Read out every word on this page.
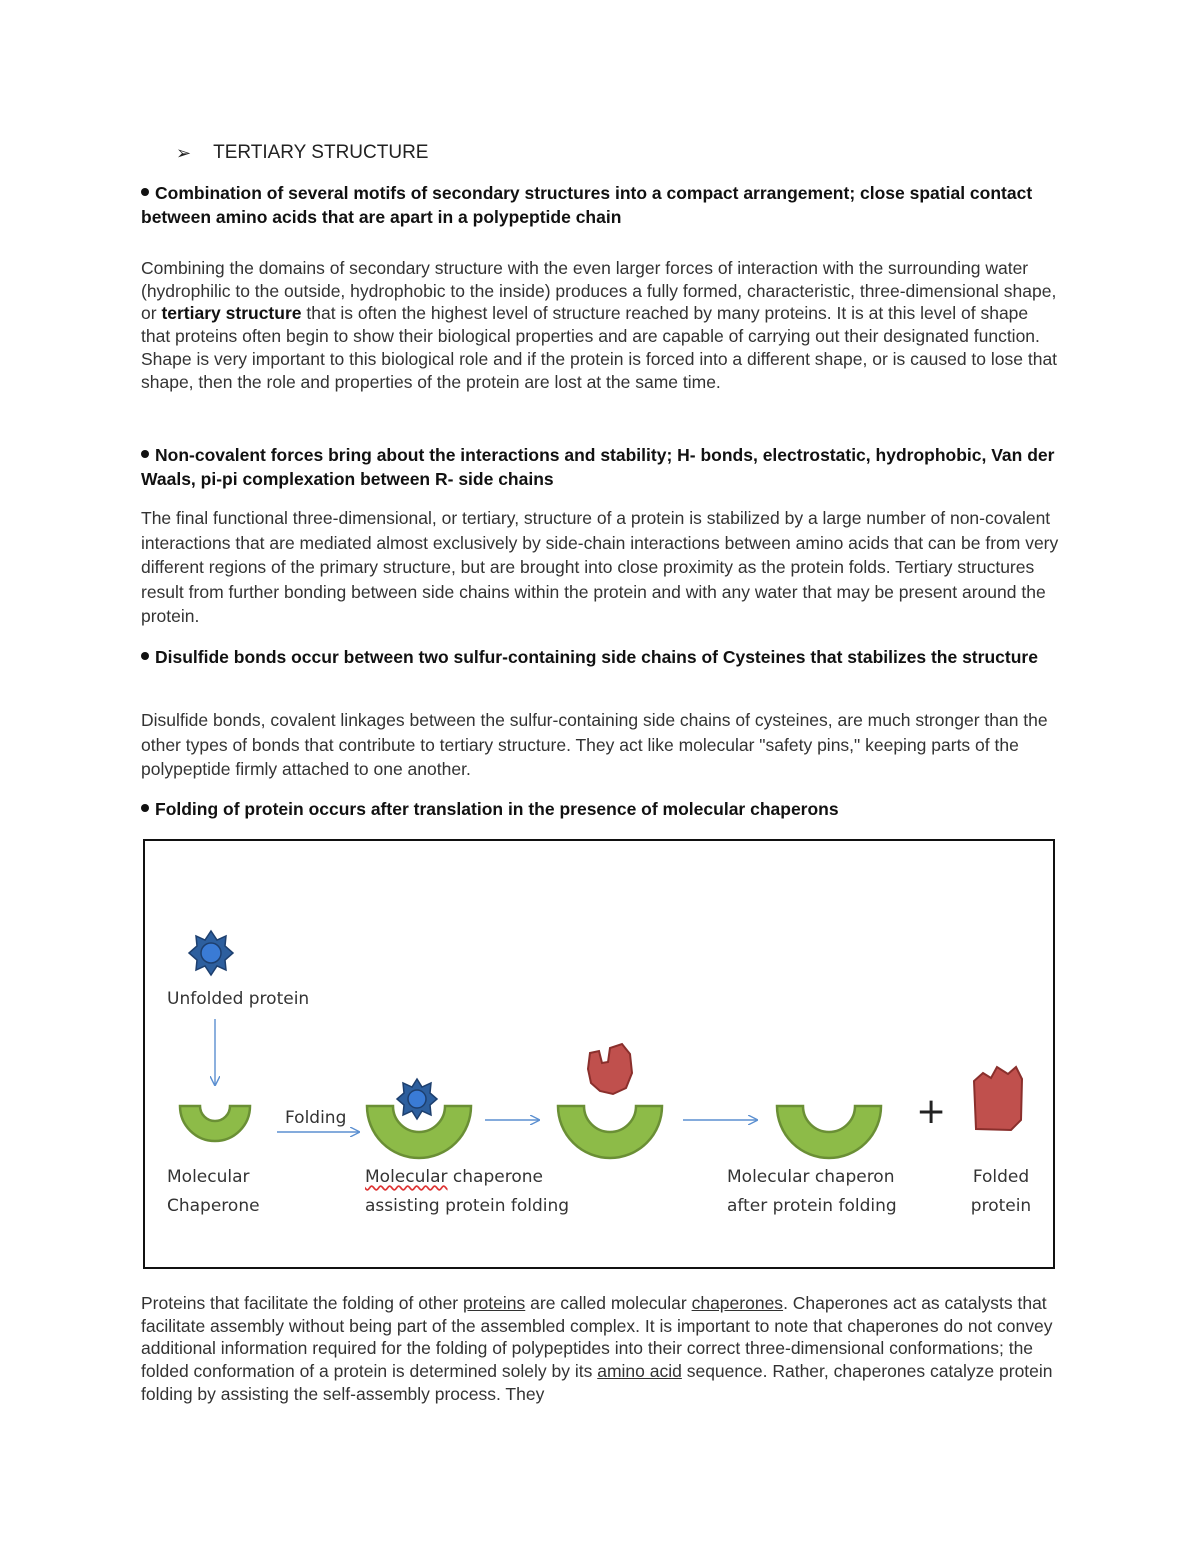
➢ TERTIARY STRUCTURE
Combination of several motifs of secondary structures into a compact arrangement; close spatial contact between amino acids that are apart in a polypeptide chain

Combining the domains of secondary structure with the even larger forces of interaction with the surrounding water (hydrophilic to the outside, hydrophobic to the inside) produces a fully formed, characteristic, three-dimensional shape, or tertiary structure that is often the highest level of structure reached by many proteins. It is at this level of shape that proteins often begin to show their biological properties and are capable of carrying out their designated function. Shape is very important to this biological role and if the protein is forced into a different shape, or is caused to lose that shape, then the role and properties of the protein are lost at the same time.

Non-covalent forces bring about the interactions and stability; H- bonds, electrostatic, hydrophobic, Van der Waals, pi-pi complexation between R- side chains

The final functional three-dimensional, or tertiary, structure of a protein is stabilized by a large number of non-covalent interactions that are mediated almost exclusively by side-chain interactions between amino acids that can be from very different regions of the primary structure, but are brought into close proximity as the protein folds. Tertiary structures result from further bonding between side chains within the protein and with any water that may be present around the protein.

Disulfide bonds occur between two sulfur-containing side chains of Cysteines that stabilizes the structure

Disulfide bonds, covalent linkages between the sulfur-containing side chains of cysteines, are much stronger than the other types of bonds that contribute to tertiary structure. They act like molecular "safety pins," keeping parts of the polypeptide firmly attached to one another.

Folding of protein occurs after translation in the presence of molecular chaperons
Unfolded protein
Folding
Molecular
Chaperone
Molecular chaperone
assisting protein folding
Molecular chaperon
after protein folding
Folded
protein
+

Proteins that facilitate the folding of other proteins are called molecular chaperones. Chaperones act as catalysts that facilitate assembly without being part of the assembled complex. It is important to note that chaperones do not convey additional information required for the folding of polypeptides into their correct three-dimensional conformations; the folded conformation of a protein is determined solely by its amino acid sequence. Rather, chaperones catalyze protein folding by assisting the self-assembly process. They
